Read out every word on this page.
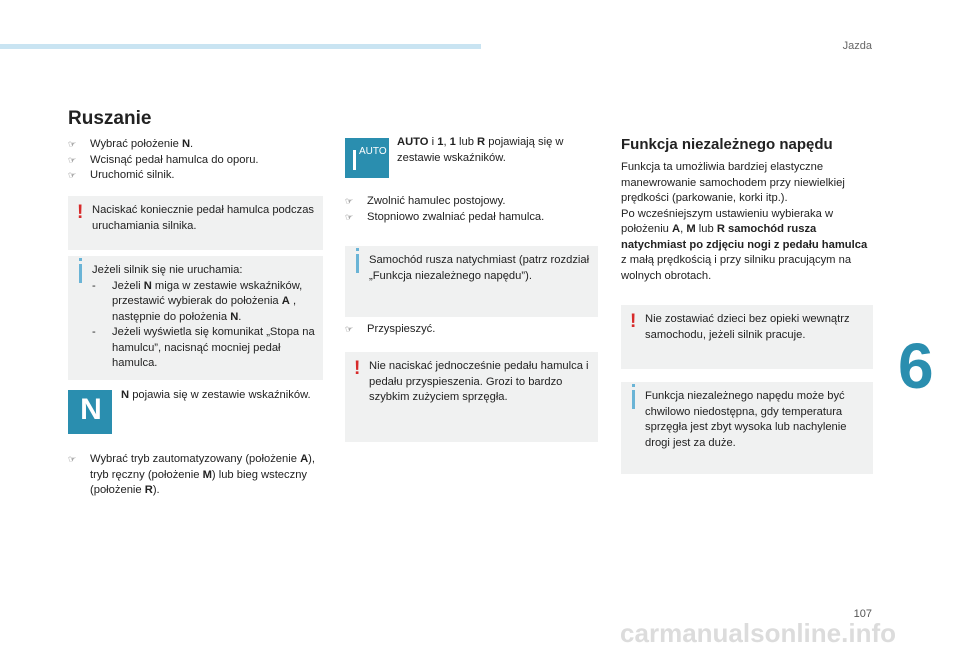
Jazda
6
107
carmanualsonline.info
Ruszanie
☞	Wybrać położenie N.
☞	Wcisnąć pedał hamulca do oporu.
☞	Uruchomić silnik.
! Naciskać koniecznie pedał hamulca podczas uruchamiania silnika.
Jeżeli silnik się nie uruchamia:
-	Jeżeli N miga w zestawie wskaźników, przestawić wybierak do położenia A , następnie do położenia N.
-	Jeżeli wyświetla się komunikat „Stopa na hamulcu”, nacisnąć mocniej pedał hamulca.
N	N pojawia się w zestawie wskaźników.
☞	Wybrać tryb zautomatyzowany (położenie A), tryb ręczny (położenie M) lub bieg wsteczny (położenie R).
AUTO
AUTO i 1, 1 lub R pojawiają się w zestawie wskaźników.
☞	Zwolnić hamulec postojowy.
☞	Stopniowo zwalniać pedał hamulca.
Samochód rusza natychmiast (patrz rozdział „Funkcja niezależnego napędu”).
☞	Przyspieszyć.
! Nie naciskać jednocześnie pedału hamulca i pedału przyspieszenia. Grozi to bardzo szybkim zużyciem sprzęgła.
Funkcja niezależnego napędu
Funkcja ta umożliwia bardziej elastyczne manewrowanie samochodem przy niewielkiej prędkości (parkowanie, korki itp.).
Po wcześniejszym ustawieniu wybieraka w położeniu A, M lub R samochód rusza natychmiast po zdjęciu nogi z pedału hamulca z małą prędkością i przy silniku pracującym na wolnych obrotach.
! Nie zostawiać dzieci bez opieki wewnątrz samochodu, jeżeli silnik pracuje.
Funkcja niezależnego napędu może być chwilowo niedostępna, gdy temperatura sprzęgła jest zbyt wysoka lub nachylenie drogi jest za duże.
